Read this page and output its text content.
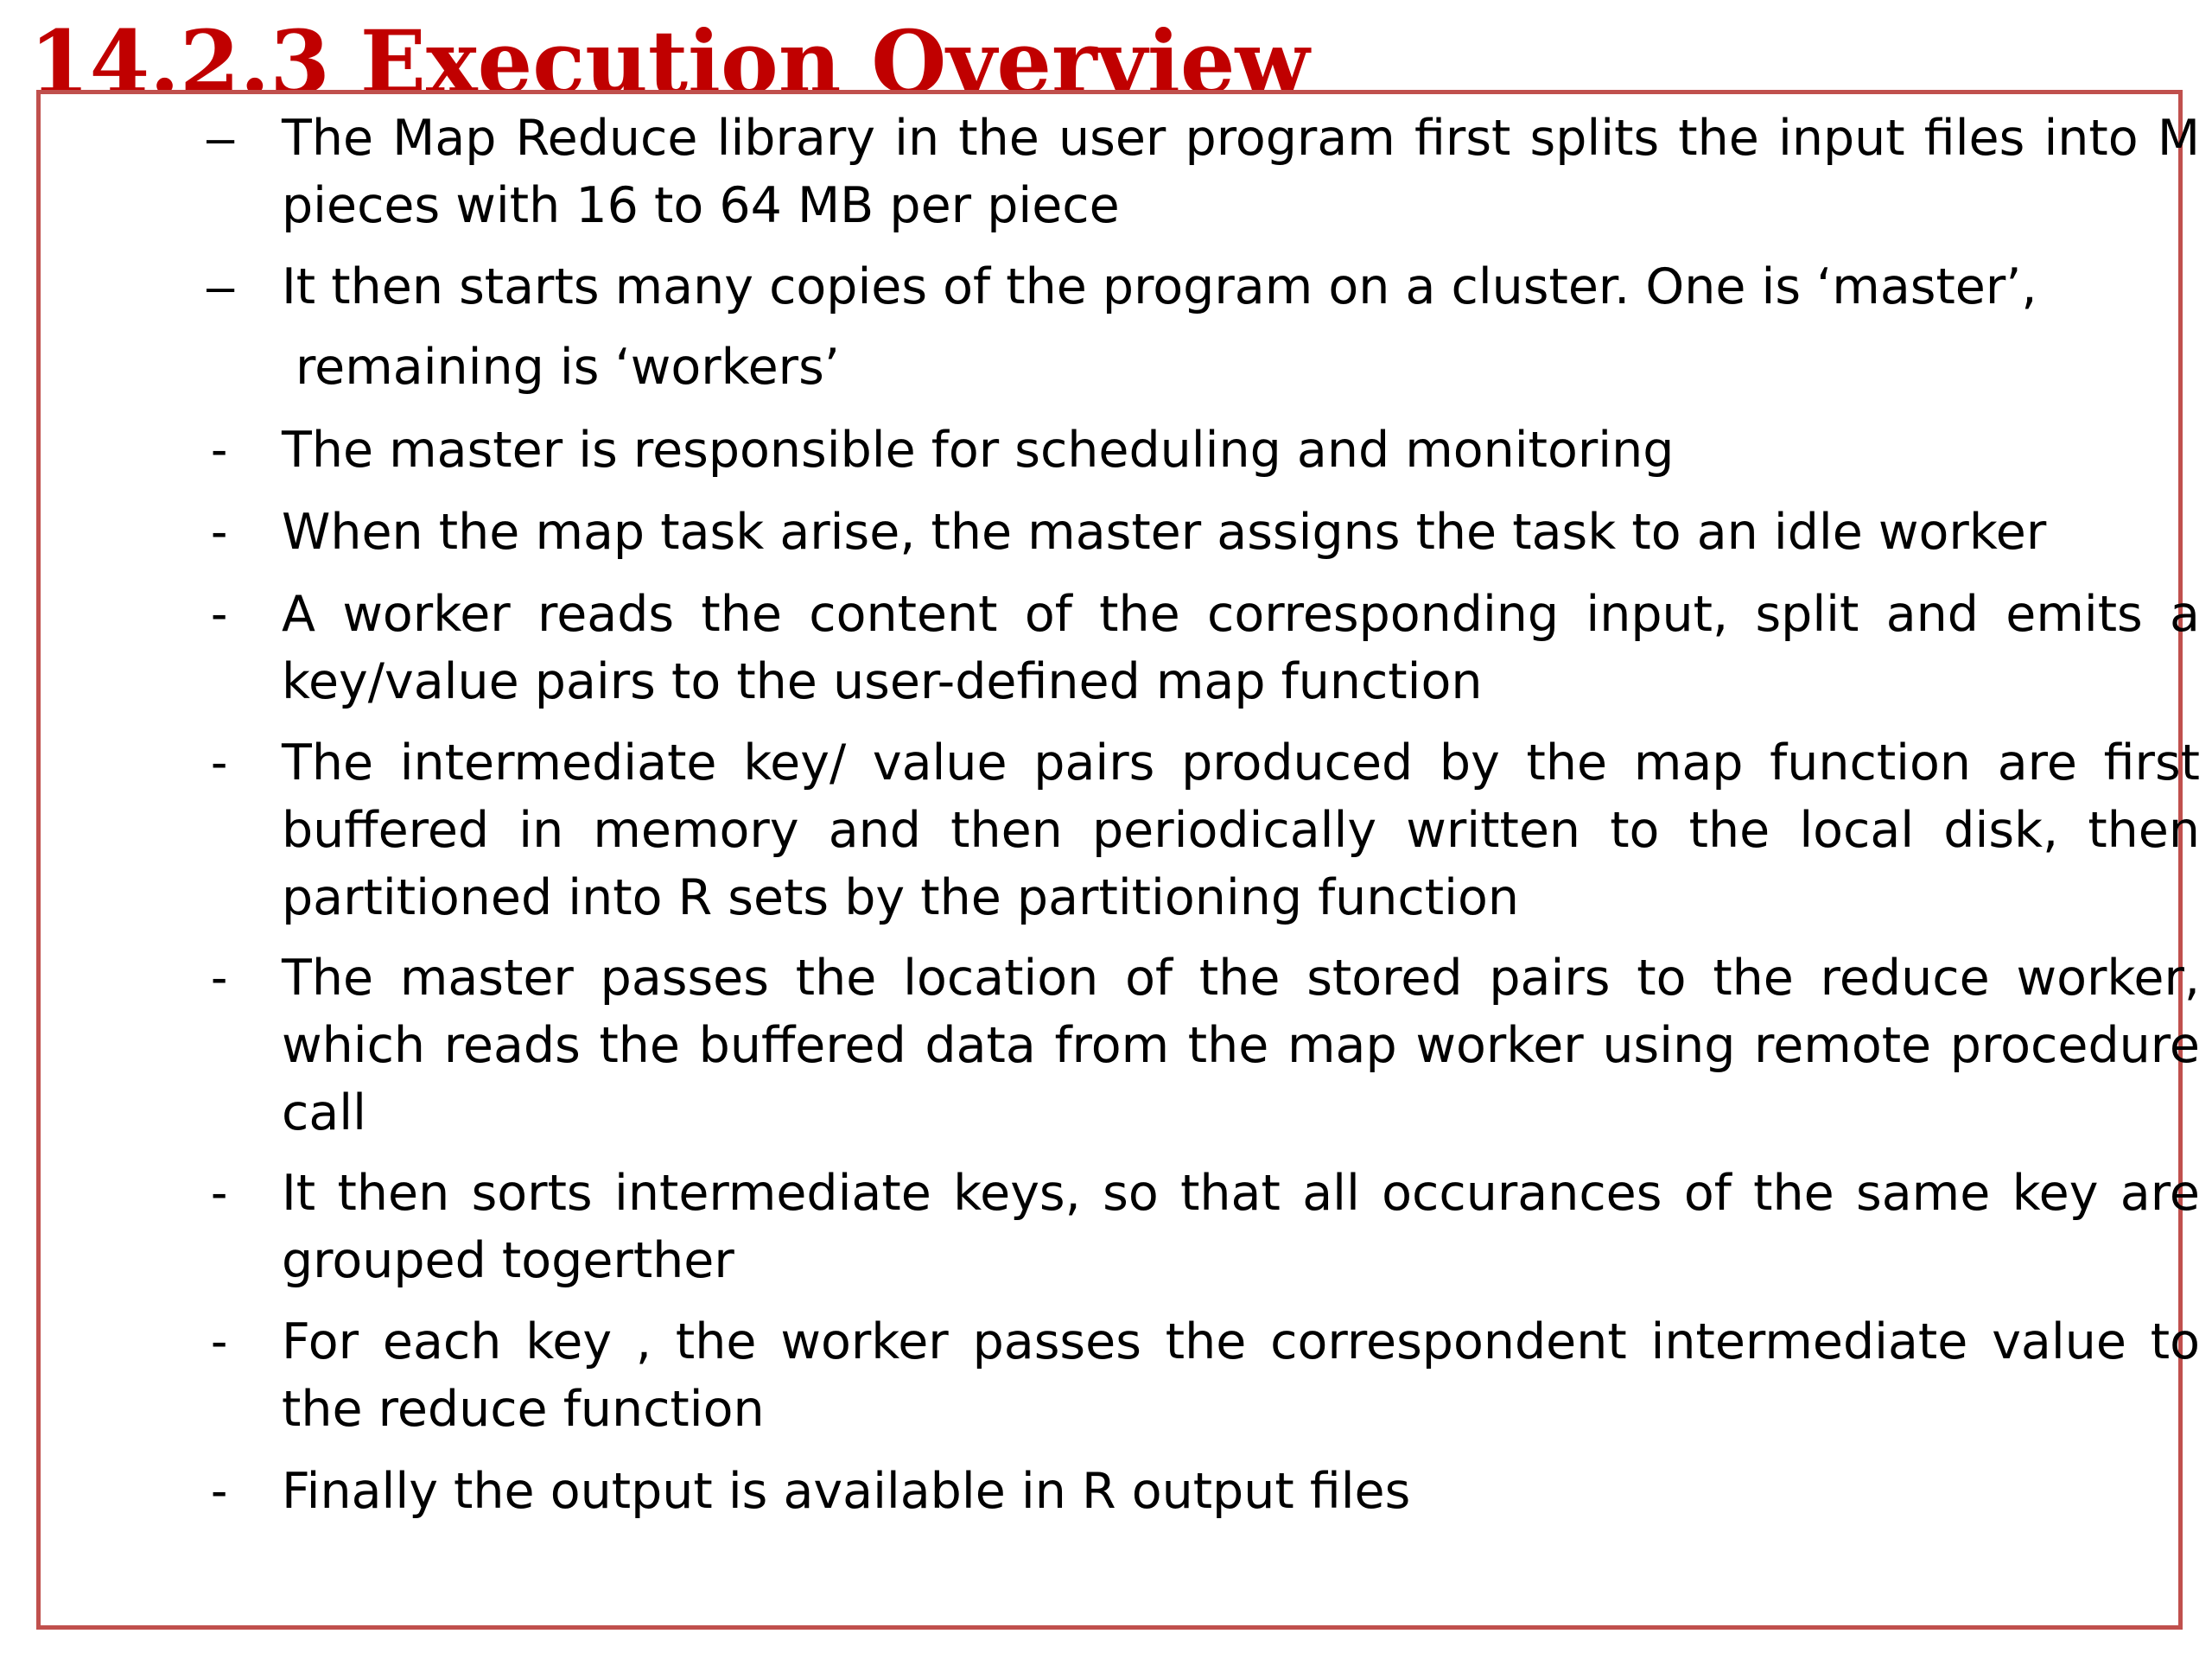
14.2.3 Execution Overview
– The Map Reduce library in the user program first splits the input files into M pieces with 16 to 64 MB per piece

– It then starts many copies of the program on a cluster. One is ‘master’,
remaining is ‘workers’

-	The master is responsible for scheduling and monitoring

-	When the map task arise, the master assigns the task to an idle worker

-	A worker reads the content of the corresponding input, split and emits a key/value pairs to the user-defined map function

-	The intermediate key/ value pairs produced by the map function are first buffered in memory and then periodically written to the local disk, then partitioned into R sets by the partitioning function

-	The master passes the location of the stored pairs to the reduce worker, which reads the buffered data from the map worker using remote procedure call

-	It then sorts intermediate keys, so that all occurances of the same key are grouped togerther

-	For each key , the worker passes the correspondent intermediate value to the reduce function

-	Finally the output is available in R output files
